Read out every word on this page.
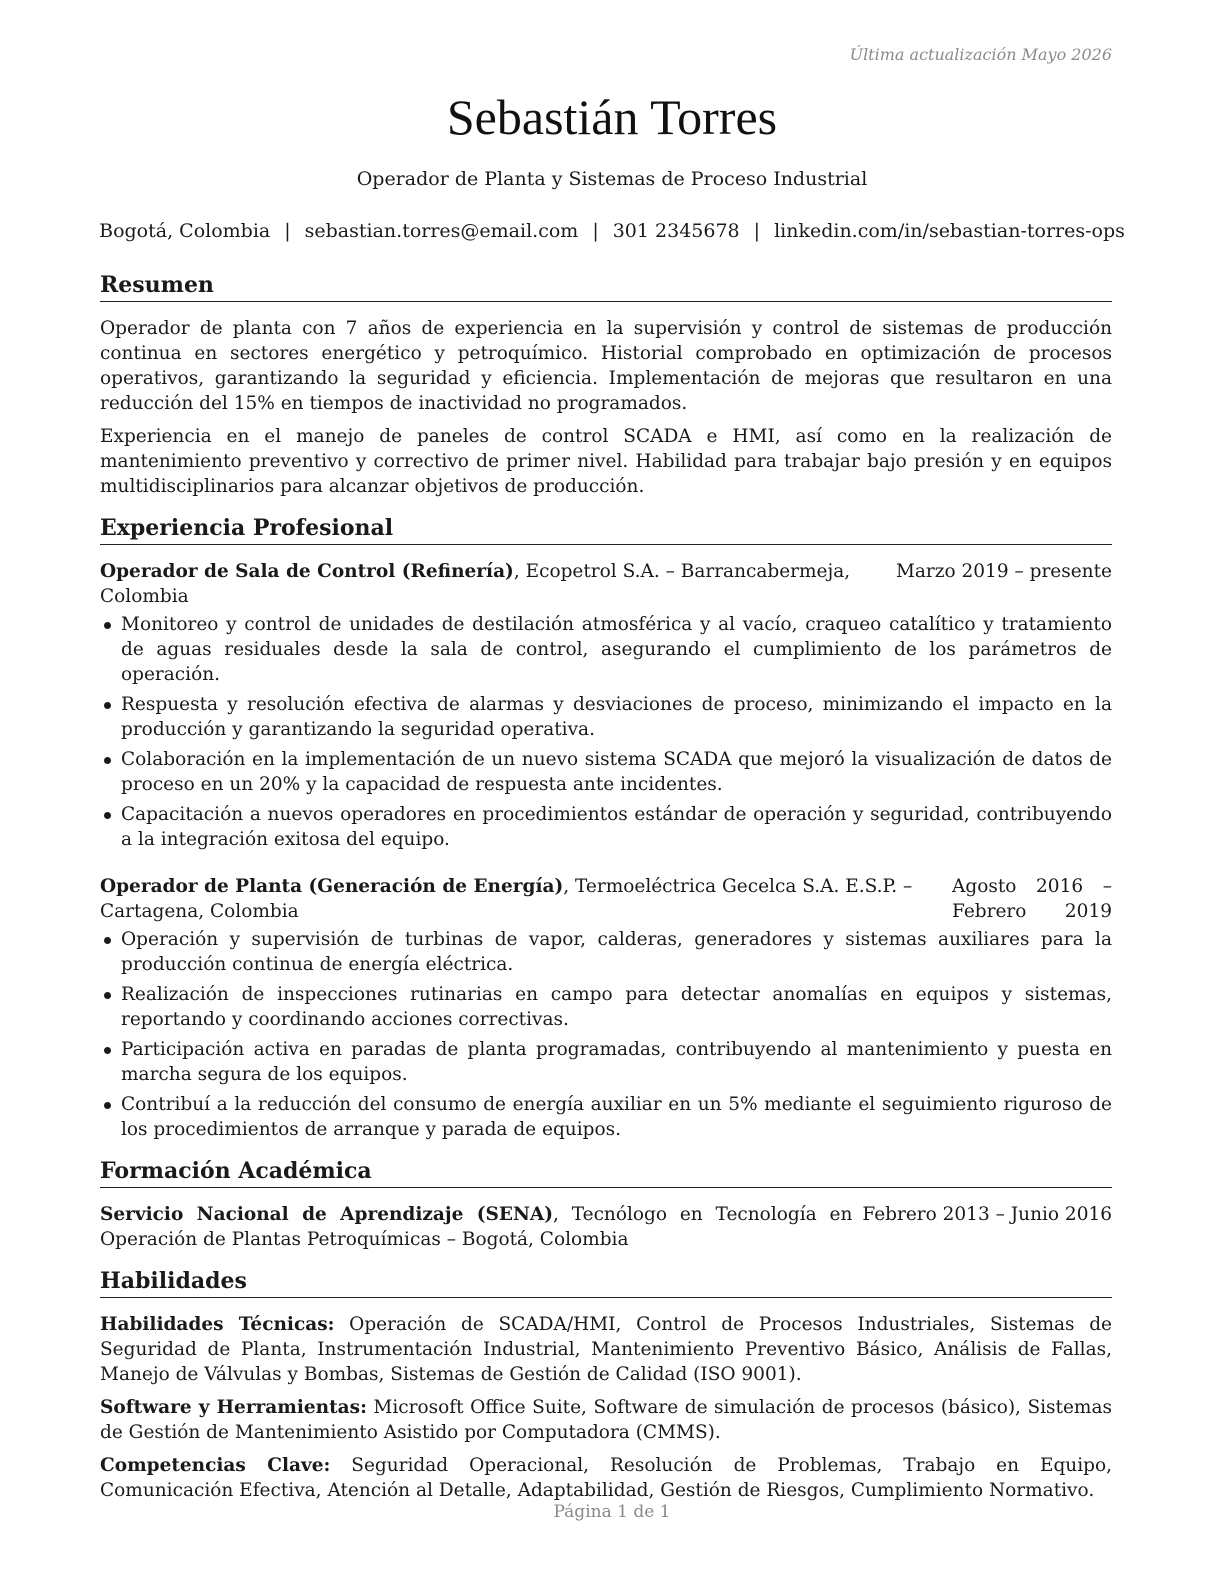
Última actualización Mayo 2026
Sebastián Torres
Operador de Planta y Sistemas de Proceso Industrial
Bogotá, Colombia | sebastian.torres@email.com | 301 2345678 | linkedin.com/in/sebastian-torres-ops
Resumen

Operador de planta con 7 años de experiencia en la supervisión y control de sistemas de producción continua en sectores energético y petroquímico. Historial comprobado en optimización de procesos operativos, garantizando la seguridad y eficiencia. Implementación de mejoras que resultaron en una reducción del 15% en tiempos de inactividad no programados.

Experiencia en el manejo de paneles de control SCADA e HMI, así como en la realización de mantenimiento preventivo y correctivo de primer nivel. Habilidad para trabajar bajo presión y en equipos multidisciplinarios para alcanzar objetivos de producción.

Experiencia Profesional
Operador de Sala de Control (Refinería), Ecopetrol S.A. – Barrancabermeja, Colombia
Marzo 2019 – presente
Monitoreo y control de unidades de destilación atmosférica y al vacío, craqueo catalítico y tratamiento de aguas residuales desde la sala de control, asegurando el cumplimiento de los parámetros de operación.
Respuesta y resolución efectiva de alarmas y desviaciones de proceso, minimizando el impacto en la producción y garantizando la seguridad operativa.
Colaboración en la implementación de un nuevo sistema SCADA que mejoró la visualización de datos de proceso en un 20% y la capacidad de respuesta ante incidentes.
Capacitación a nuevos operadores en procedimientos estándar de operación y seguridad, contribuyendo a la integración exitosa del equipo.
Operador de Planta (Generación de Energía), Termoeléctrica Gecelca S.A. E.S.P. – Cartagena, Colombia
Agosto 2016 – Febrero 2019
Operación y supervisión de turbinas de vapor, calderas, generadores y sistemas auxiliares para la producción continua de energía eléctrica.
Realización de inspecciones rutinarias en campo para detectar anomalías en equipos y sistemas, reportando y coordinando acciones correctivas.
Participación activa en paradas de planta programadas, contribuyendo al mantenimiento y puesta en marcha segura de los equipos.
Contribuí a la reducción del consumo de energía auxiliar en un 5% mediante el seguimiento riguroso de los procedimientos de arranque y parada de equipos.
Formación Académica
Servicio Nacional de Aprendizaje (SENA), Tecnólogo en Tecnología en Operación de Plantas Petroquímicas – Bogotá, Colombia
Febrero 2013 – Junio 2016
Habilidades

Habilidades Técnicas: Operación de SCADA/HMI, Control de Procesos Industriales, Sistemas de Seguridad de Planta, Instrumentación Industrial, Mantenimiento Preventivo Básico, Análisis de Fallas, Manejo de Válvulas y Bombas, Sistemas de Gestión de Calidad (ISO 9001).

Software y Herramientas: Microsoft Office Suite, Software de simulación de procesos (básico), Sistemas de Gestión de Mantenimiento Asistido por Computadora (CMMS).

Competencias Clave: Seguridad Operacional, Resolución de Problemas, Trabajo en Equipo, Comunicación Efectiva, Atención al Detalle, Adaptabilidad, Gestión de Riesgos, Cumplimiento Normativo.

Página 1 de 1
